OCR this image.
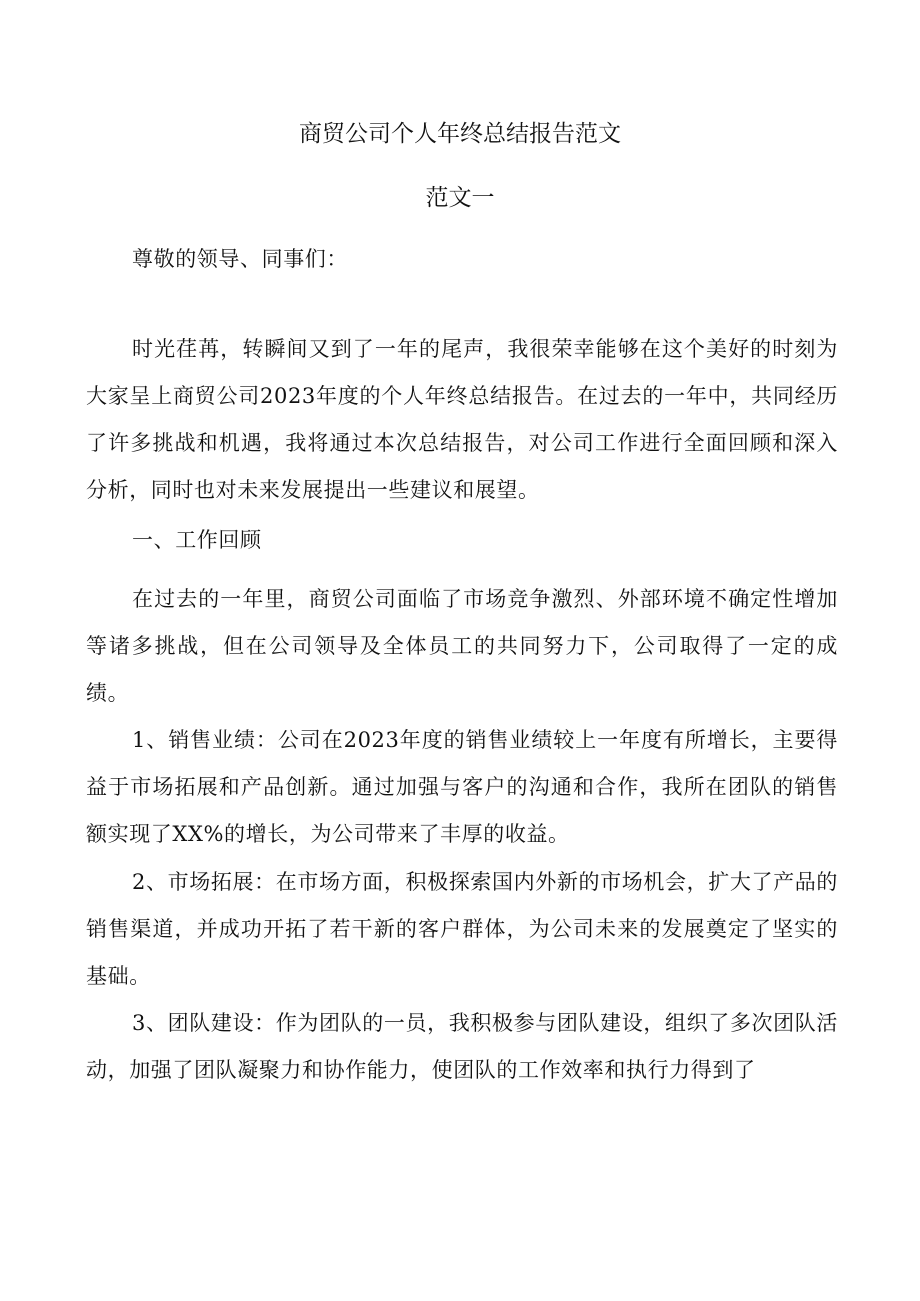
商贸公司个人年终总结报告范文
范文一

尊敬的领导、同事们：

时光荏苒，转瞬间又到了一年的尾声，我很荣幸能够在这个美好的时刻为大家呈上商贸公司2023年度的个人年终总结报告。在过去的一年中，共同经历了许多挑战和机遇，我将通过本次总结报告，对公司工作进行全面回顾和深入分析，同时也对未来发展提出一些建议和展望。

一、工作回顾

在过去的一年里，商贸公司面临了市场竞争激烈、外部环境不确定性增加等诸多挑战，但在公司领导及全体员工的共同努力下，公司取得了一定的成绩。

1、销售业绩：公司在2023年度的销售业绩较上一年度有所增长，主要得益于市场拓展和产品创新。通过加强与客户的沟通和合作，我所在团队的销售额实现了XX%的增长，为公司带来了丰厚的收益。

2、市场拓展：在市场方面，积极探索国内外新的市场机会，扩大了产品的销售渠道，并成功开拓了若干新的客户群体，为公司未来的发展奠定了坚实的基础。

3、团队建设：作为团队的一员，我积极参与团队建设，组织了多次团队活动，加强了团队凝聚力和协作能力，使团队的工作效率和执行力得到了
